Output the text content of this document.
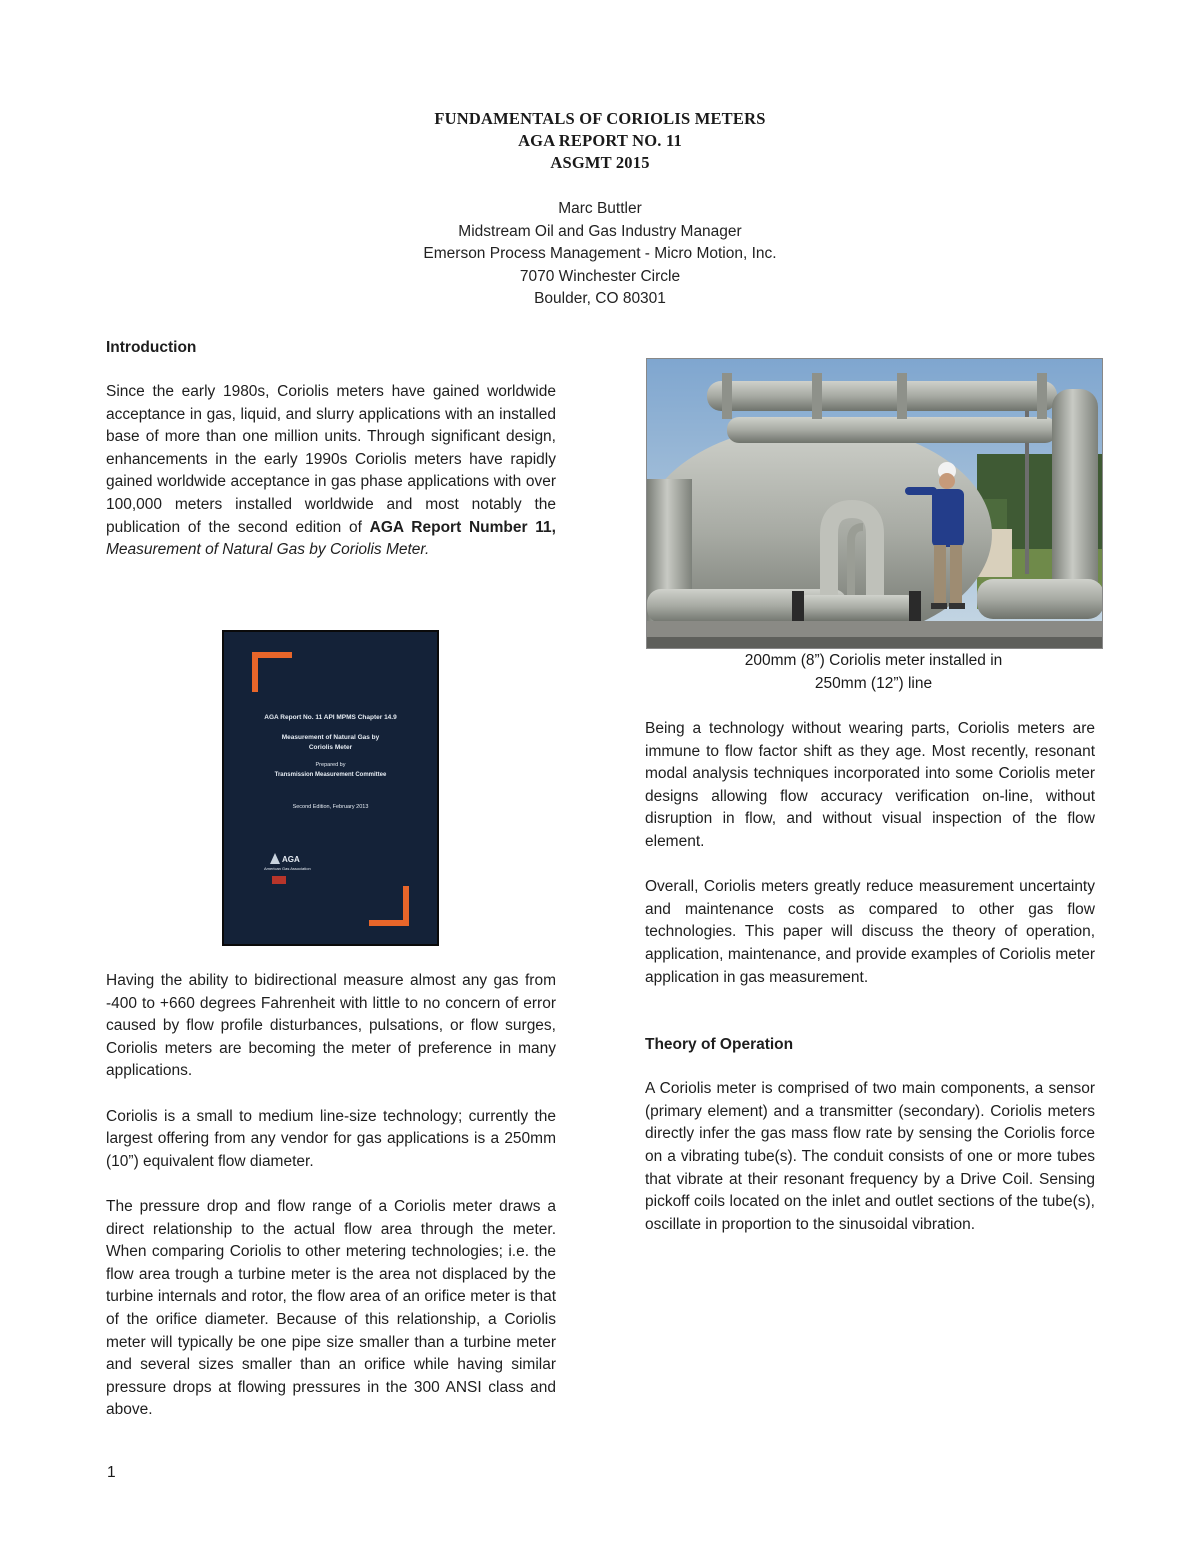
FUNDAMENTALS OF CORIOLIS METERS
AGA REPORT NO. 11
ASGMT 2015
Marc Buttler
Midstream Oil and Gas Industry Manager
Emerson Process Management - Micro Motion, Inc.
7070 Winchester Circle
Boulder, CO 80301
Introduction

Since the early 1980s, Coriolis meters have gained worldwide acceptance in gas, liquid, and slurry applications with an installed base of more than one million units. Through significant design, enhancements in the early 1990s Coriolis meters have rapidly gained worldwide acceptance in gas phase applications with over 100,000 meters installed worldwide and most notably the publication of the second edition of AGA Report Number 11, Measurement of Natural Gas by Coriolis Meter.

AGA Report No. 11 API MPMS Chapter 14.9
Measurement of Natural Gas by
Coriolis Meter
Prepared by
Transmission Measurement Committee
Second Edition, February 2013
AGA
American Gas Association

Having the ability to bidirectional measure almost any gas from -400 to +660 degrees Fahrenheit with little to no concern of error caused by flow profile disturbances, pulsations, or flow surges, Coriolis meters are becoming the meter of preference in many applications.

Coriolis is a small to medium line-size technology; currently the largest offering from any vendor for gas applications is a 250mm (10”) equivalent flow diameter.

The pressure drop and flow range of a Coriolis meter draws a direct relationship to the actual flow area through the meter. When comparing Coriolis to other metering technologies; i.e. the flow area trough a turbine meter is the area not displaced by the turbine internals and rotor, the flow area of an orifice meter is that of the orifice diameter. Because of this relationship, a Coriolis meter will typically be one pipe size smaller than a turbine meter and several sizes smaller than an orifice while having similar pressure drops at flowing pressures in the 300 ANSI class and above.

200mm (8”) Coriolis meter installed in
250mm (12”) line

Being a technology without wearing parts, Coriolis meters are immune to flow factor shift as they age. Most recently, resonant modal analysis techniques incorporated into some Coriolis meter designs allowing flow accuracy verification on-line, without disruption in flow, and without visual inspection of the flow element.

Overall, Coriolis meters greatly reduce measurement uncertainty and maintenance costs as compared to other gas flow technologies. This paper will discuss the theory of operation, application, maintenance, and provide examples of Coriolis meter application in gas measurement.

Theory of Operation

A Coriolis meter is comprised of two main components, a sensor (primary element) and a transmitter (secondary). Coriolis meters directly infer the gas mass flow rate by sensing the Coriolis force on a vibrating tube(s). The conduit consists of one or more tubes that vibrate at their resonant frequency by a Drive Coil. Sensing pickoff coils located on the inlet and outlet sections of the tube(s), oscillate in proportion to the sinusoidal vibration.

1
